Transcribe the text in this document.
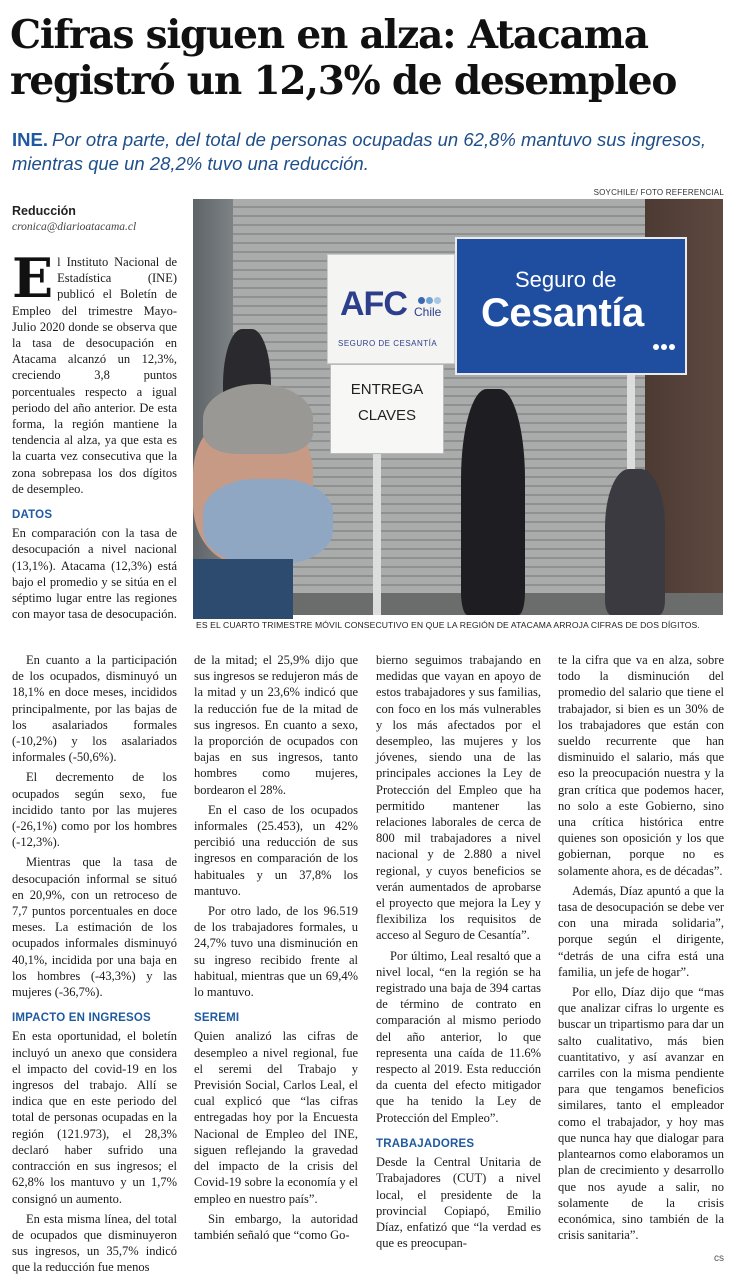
Cifras siguen en alza: Atacama
registró un 12,3% de desempleo
INE. Por otra parte, del total de personas ocupadas un 62,8% mantuvo sus ingresos, mientras que un 28,2% tuvo una reducción.
SOYCHILE/ FOTO REFERENCIAL
Reducción
cronica@diarioatacama.cl
AFC Chile
SEGURO DE CESANTÍA
Seguro de
Cesantía
ENTREGA
CLAVES
ES EL CUARTO TRIMESTRE MÓVIL CONSECUTIVO EN QUE LA REGIÓN DE ATACAMA ARROJA CIFRAS DE DOS DÍGITOS.

El Instituto Nacional de Estadística (INE) publicó el Boletín de Empleo del trimestre Mayo-Julio 2020 donde se observa que la tasa de desocupación en Atacama alcanzó un 12,3%, creciendo 3,8 puntos porcentuales respecto a igual periodo del año anterior. De esta forma, la región mantiene la tendencia al alza, ya que esta es la cuarta vez consecutiva que la zona sobrepasa los dos dígitos de desempleo.

DATOS

En comparación con la tasa de desocupación a nivel nacional (13,1%). Atacama (12,3%) está bajo el promedio y se sitúa en el séptimo lugar entre las regiones con mayor tasa de desocupación.

En cuanto a la participación de los ocupados, disminuyó un 18,1% en doce meses, incididos principalmente, por las bajas de los asalariados formales (-10,2%) y los asalariados informales (-50,6%).

El decremento de los ocupados según sexo, fue incidido tanto por las mujeres (-26,1%) como por los hombres (-12,3%).

Mientras que la tasa de desocupación informal se situó en 20,9%, con un retroceso de 7,7 puntos porcentuales en doce meses. La estimación de los ocupados informales disminuyó 40,1%, incidida por una baja en los hombres (-43,3%) y las mujeres (-36,7%).

IMPACTO EN INGRESOS

En esta oportunidad, el boletín incluyó un anexo que considera el impacto del covid-19 en los ingresos del trabajo. Allí se indica que en este periodo del total de personas ocupadas en la región (121.973), el 28,3% declaró haber sufrido una contracción en sus ingresos; el 62,8% los mantuvo y un 1,7% consignó un aumento.

En esta misma línea, del total de ocupados que disminuyeron sus ingresos, un 35,7% indicó que la reducción fue menos

de la mitad; el 25,9% dijo que sus ingresos se redujeron más de la mitad y un 23,6% indicó que la reducción fue de la mitad de sus ingresos. En cuanto a sexo, la proporción de ocupados con bajas en sus ingresos, tanto hombres como mujeres, bordearon el 28%.

En el caso de los ocupados informales (25.453), un 42% percibió una reducción de sus ingresos en comparación de los habituales y un 37,8% los mantuvo.

Por otro lado, de los 96.519 de los trabajadores formales, u 24,7% tuvo una disminución en su ingreso recibido frente al habitual, mientras que un 69,4% lo mantuvo.

SEREMI

Quien analizó las cifras de desempleo a nivel regional, fue el seremi del Trabajo y Previsión Social, Carlos Leal, el cual explicó que “las cifras entregadas hoy por la Encuesta Nacional de Empleo del INE, siguen reflejando la gravedad del impacto de la crisis del Covid-19 sobre la economía y el empleo en nuestro país”.

Sin embargo, la autoridad también señaló que “como Go-

bierno seguimos trabajando en medidas que vayan en apoyo de estos trabajadores y sus familias, con foco en los más vulnerables y los más afectados por el desempleo, las mujeres y los jóvenes, siendo una de las principales acciones la Ley de Protección del Empleo que ha permitido mantener las relaciones laborales de cerca de 800 mil trabajadores a nivel nacional y de 2.880 a nivel regional, y cuyos beneficios se verán aumentados de aprobarse el proyecto que mejora la Ley y flexibiliza los requisitos de acceso al Seguro de Cesantía”.

Por último, Leal resaltó que a nivel local, “en la región se ha registrado una baja de 394 cartas de término de contrato en comparación al mismo periodo del año anterior, lo que representa una caída de 11.6% respecto al 2019. Esta reducción da cuenta del efecto mitigador que ha tenido la Ley de Protección del Empleo”.

TRABAJADORES

Desde la Central Unitaria de Trabajadores (CUT) a nivel local, el presidente de la provincial Copiapó, Emilio Díaz, enfatizó que “la verdad es que es preocupan-

te la cifra que va en alza, sobre todo la disminución del promedio del salario que tiene el trabajador, si bien es un 30% de los trabajadores que están con sueldo recurrente que han disminuido el salario, más que eso la preocupación nuestra y la gran crítica que podemos hacer, no solo a este Gobierno, sino una crítica histórica entre quienes son oposición y los que gobiernan, porque no es solamente ahora, es de décadas”.

Además, Díaz apuntó a que la tasa de desocupación se debe ver con una mirada solidaria”, porque según el dirigente, “detrás de una cifra está una familia, un jefe de hogar”.

Por ello, Díaz dijo que “mas que analizar cifras lo urgente es buscar un tripartismo para dar un salto cualitativo, más bien cuantitativo, y así avanzar en carriles con la misma pendiente para que tengamos beneficios similares, tanto el empleador como el trabajador, y hoy mas que nunca hay que dialogar para plantearnos como elaboramos un plan de crecimiento y desarrollo que nos ayude a salir, no solamente de la crisis económica, sino también de la crisis sanitaria”.

cs
